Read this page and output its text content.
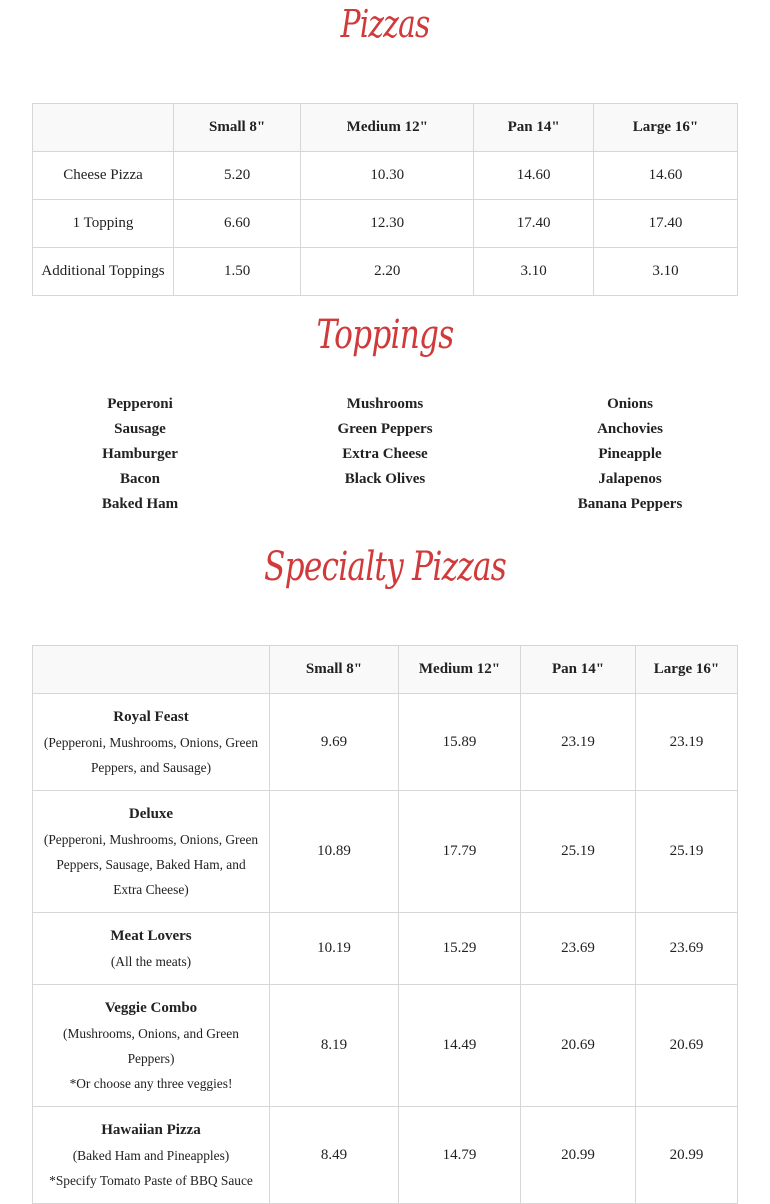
Pizzas
	Small 8"	Medium 12"	Pan 14"	Large 16"
Cheese Pizza	5.20	10.30	14.60	14.60
1 Topping	6.60	12.30	17.40	17.40
Additional Toppings	1.50	2.20	3.10	3.10
Toppings
Pepperoni
Sausage
Hamburger
Bacon
Baked Ham
Mushrooms
Green Peppers
Extra Cheese
Black Olives
Onions
Anchovies
Pineapple
Jalapenos
Banana Peppers
Specialty Pizzas
	Small 8"	Medium 12"	Pan 14"	Large 16"

Royal Feast
(Pepperoni, Mushrooms, Onions, Green Peppers, and Sausage)	9.69	15.89	23.19	23.19

Deluxe
(Pepperoni, Mushrooms, Onions, Green Peppers, Sausage, Baked Ham, and Extra Cheese)	10.89	17.79	25.19	25.19

Meat Lovers
(All the meats)	10.19	15.29	23.69	23.69

Veggie Combo
(Mushrooms, Onions, and Green Peppers)
*Or choose any three veggies!	8.19	14.49	20.69	20.69

Hawaiian Pizza
(Baked Ham and Pineapples)
*Specify Tomato Paste of BBQ Sauce	8.49	14.79	20.99	20.99
